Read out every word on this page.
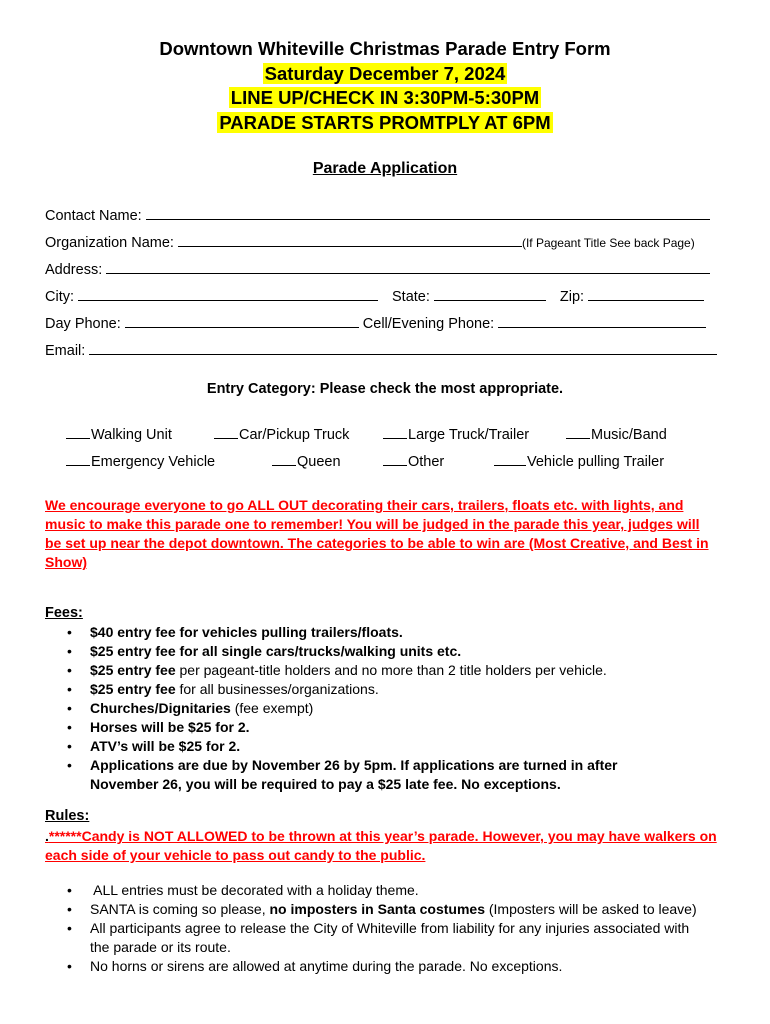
Downtown Whiteville Christmas Parade Entry Form
Saturday December 7, 2024
LINE UP/CHECK IN 3:30PM-5:30PM
PARADE STARTS PROMTPLY AT 6PM
Parade Application
Contact Name:
Organization Name:	(If Pageant Title See back Page)
Address:
City:	State:	Zip:
Day Phone:	Cell/Evening Phone:
Email:
Entry Category: Please check the most appropriate.
Walking Unit	Car/Pickup Truck	Large Truck/Trailer	Music/Band
Emergency Vehicle	Queen	Other	Vehicle pulling Trailer
We encourage everyone to go ALL OUT decorating their cars, trailers, floats etc. with lights, and music to make this parade one to remember! You will be judged in the parade this year, judges will be set up near the depot downtown. The categories to be able to win are (Most Creative, and Best in Show)
Fees:
• $40 entry fee for vehicles pulling trailers/floats.
• $25 entry fee for all single cars/trucks/walking units etc.
• $25 entry fee per pageant-title holders and no more than 2 title holders per vehicle.
• $25 entry fee for all businesses/organizations.
• Churches/Dignitaries (fee exempt)
• Horses will be $25 for 2.
• ATV’s will be $25 for 2.
• Applications are due by November 26 by 5pm. If applications are turned in after November 26, you will be required to pay a $25 late fee. No exceptions.
Rules:
.******Candy is NOT ALLOWED to be thrown at this year’s parade. However, you may have walkers on each side of your vehicle to pass out candy to the public.
•  ALL entries must be decorated with a holiday theme.
• SANTA is coming so please, no imposters in Santa costumes (Imposters will be asked to leave)
• All participants agree to release the City of Whiteville from liability for any injuries associated with the parade or its route.
• No horns or sirens are allowed at anytime during the parade. No exceptions.
